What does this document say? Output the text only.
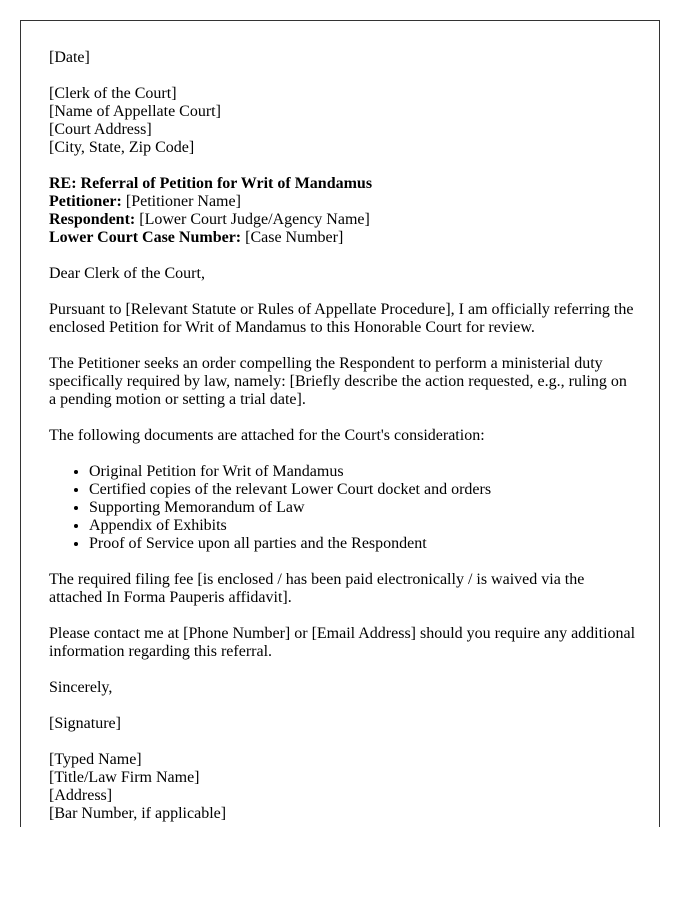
[Date]

[Clerk of the Court]
[Name of Appellate Court]
[Court Address]
[City, State, Zip Code]

RE: Referral of Petition for Writ of Mandamus
Petitioner: [Petitioner Name]
Respondent: [Lower Court Judge/Agency Name]
Lower Court Case Number: [Case Number]

Dear Clerk of the Court,

Pursuant to [Relevant Statute or Rules of Appellate Procedure], I am officially referring the enclosed Petition for Writ of Mandamus to this Honorable Court for review.

The Petitioner seeks an order compelling the Respondent to perform a ministerial duty specifically required by law, namely: [Briefly describe the action requested, e.g., ruling on a pending motion or setting a trial date].

The following documents are attached for the Court's consideration:

• Original Petition for Writ of Mandamus
• Certified copies of the relevant Lower Court docket and orders
• Supporting Memorandum of Law
• Appendix of Exhibits
• Proof of Service upon all parties and the Respondent

The required filing fee [is enclosed / has been paid electronically / is waived via the attached In Forma Pauperis affidavit].

Please contact me at [Phone Number] or [Email Address] should you require any additional information regarding this referral.

Sincerely,

[Signature]

[Typed Name]
[Title/Law Firm Name]
[Address]
[Bar Number, if applicable]
